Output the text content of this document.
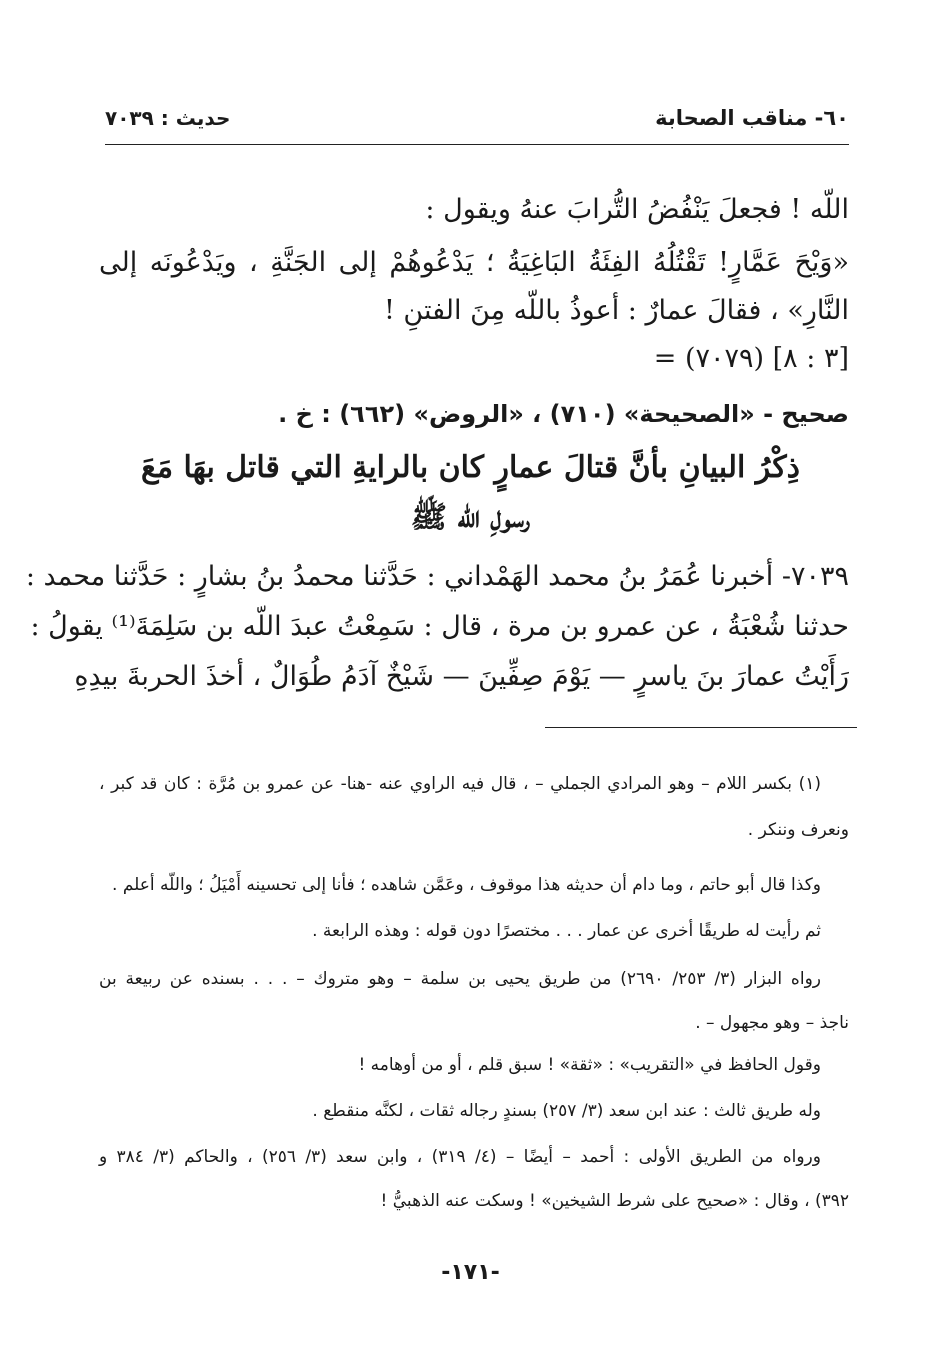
٦٠- مناقب الصحابة
حديث : ٧٠٣٩
اللّه ! فجعلَ يَنْفُضُ التُّرابَ عنهُ ويقول :
«وَيْحَ عَمَّارٍ! تَقْتُلُهُ الفِئَةُ البَاغِيَةُ ؛ يَدْعُوهُمْ إلى الجَنَّةِ ، ويَدْعُونَه إلى
النَّارِ» ، فقالَ عمارٌ : أعوذُ باللّه مِنَ الفتنِ !
= (٧٠٧٩) [٣ : ٨]
صحيح - «الصحيحة» (٧١٠) ، «الروض» (٦٦٢) : خ .
ذِكْرُ البيانِ بأنَّ قتالَ عمارٍ كان بالرايةِ التي قاتل بهَا مَعَ
رسولِ اللّه ﷺ
٧٠٣٩- أخبرنا عُمَرُ بنُ محمد الهَمْداني : حَدَّثنا محمدُ بنُ بشارٍ : حَدَّثنا محمد :
حدثنا شُعْبَةُ ، عن عمرو بن مرة ، قال : سَمِعْتُ عبدَ اللّه بن سَلِمَةَ⁽¹⁾ يقولُ :
رَأَيْتُ عمارَ بنَ ياسرٍ — يَوْمَ صِفِّينَ — شَيْخٌ آدَمُ طُوَالٌ ، أخذَ الحربةَ بيدِهِ
(١) بكسر اللام – وهو المرادي الجملي – ، قال فيه الراوي عنه -هنا- عن عمرو بن مُرَّة : كان قد كبر ،
ونعرف وننكر .
وكذا قال أبو حاتم ، وما دام أن حديثه هذا موقوف ، وعَمَّن شاهده ؛ فأنا إلى تحسينه أَمْيَلُ ؛ واللّه أعلم .
ثم رأيت له طريقًا أخرى عن عمار . . . مختصرًا دون قوله : وهذه الرابعة .
رواه البزار (٣/ ٢٥٣/ ٢٦٩٠) من طريق يحيى بن سلمة – وهو متروك – . . . بسنده عن ربيعة بن
ناجذ – وهو مجهول – .
وقول الحافظ في «التقريب» : «ثقة» ! سبق قلم ، أو من أوهامه !
وله طريق ثالث : عند ابن سعد (٣/ ٢٥٧) بسندٍ رجاله ثقات ، لكنَّه منقطع .
ورواه من الطريق الأولى : أحمد – أيضًا – (٤/ ٣١٩) ، وابن سعد (٣/ ٢٥٦) ، والحاكم (٣/ ٣٨٤ و
٣٩٢) ، وقال : «صحيح على شرط الشيخين» ! وسكت عنه الذهبيُّ !
-١٧١-
